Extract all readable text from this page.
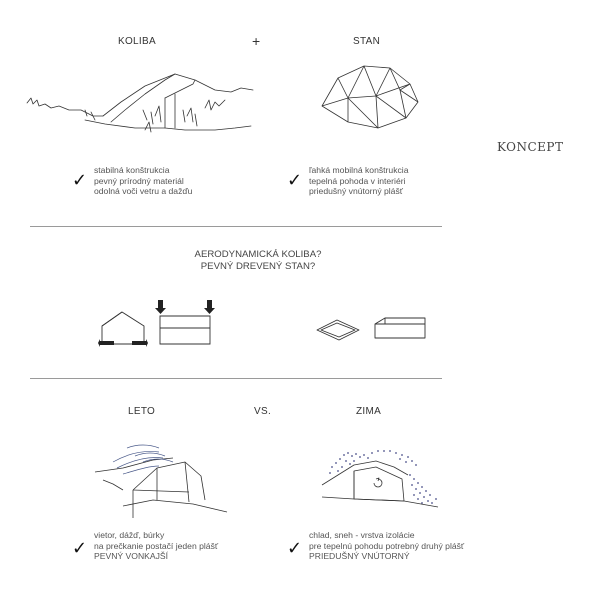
KOLIBA	+	STAN
KONCEPT
✓ stabilná konštrukcia
pevný prírodný materiál
odolná voči vetru a dažďu
✓ ľahká mobilná konštrukcia
tepelná pohoda v interiéri
priedušný vnútorný plášť
AERODYNAMICKÁ KOLIBA?
PEVNÝ DREVENÝ STAN?
LETO	VS.	ZIMA
✓
vietor, dážď, búrky
na prečkanie postačí jeden plášť
PEVNÝ VONKAJŠÍ	✓
chlad, sneh - vrstva izolácie
pre tepelnú pohodu potrebný druhý plášť
PRIEDUŠNÝ VNÚTORNÝ
